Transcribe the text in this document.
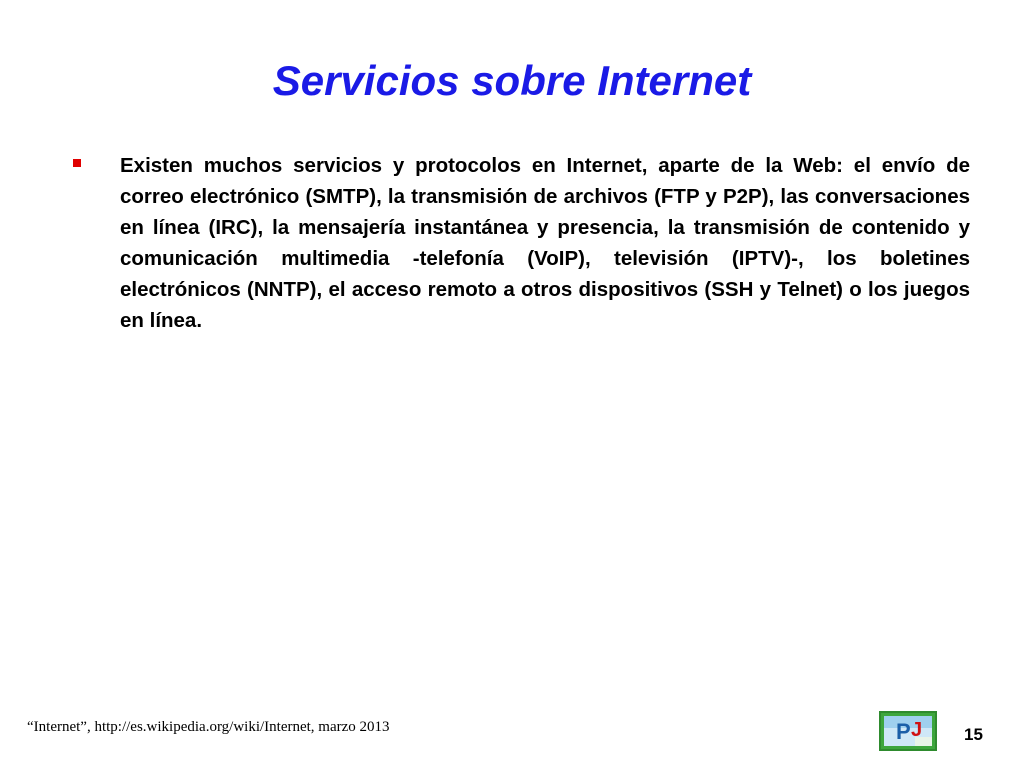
Servicios sobre Internet
Existen muchos servicios y protocolos en Internet, aparte de la Web: el envío de correo electrónico (SMTP), la transmisión de archivos (FTP y P2P), las conversaciones en línea (IRC), la mensajería instantánea y presencia, la transmisión de contenido y comunicación multimedia -telefonía (VoIP), televisión (IPTV)-, los boletines electrónicos (NNTP), el acceso remoto a otros dispositivos (SSH y Telnet) o los juegos en línea.
“Internet”, http://es.wikipedia.org/wiki/Internet, marzo 2013	P J 15
